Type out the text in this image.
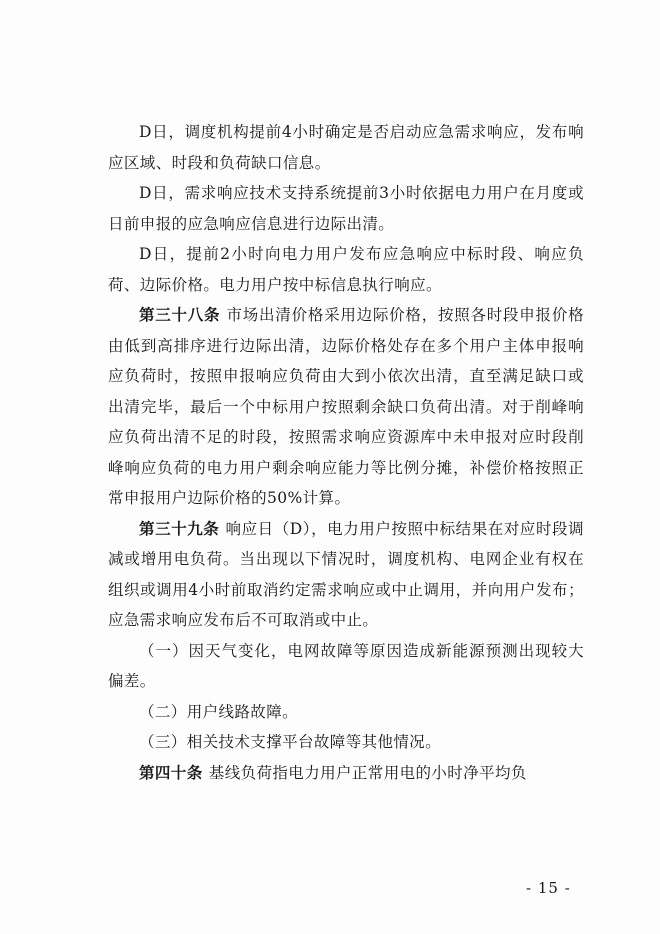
D日，调度机构提前4小时确定是否启动应急需求响应，发布响应区域、时段和负荷缺口信息。

D日，需求响应技术支持系统提前3小时依据电力用户在月度或日前申报的应急响应信息进行边际出清。

D日，提前2小时向电力用户发布应急响应中标时段、响应负荷、边际价格。电力用户按中标信息执行响应。

第三十八条 市场出清价格采用边际价格，按照各时段申报价格由低到高排序进行边际出清，边际价格处存在多个用户主体申报响应负荷时，按照申报响应负荷由大到小依次出清，直至满足缺口或出清完毕，最后一个中标用户按照剩余缺口负荷出清。对于削峰响应负荷出清不足的时段，按照需求响应资源库中未申报对应时段削峰响应负荷的电力用户剩余响应能力等比例分摊，补偿价格按照正常申报用户边际价格的50%计算。

第三十九条 响应日（D），电力用户按照中标结果在对应时段调减或增用电负荷。当出现以下情况时，调度机构、电网企业有权在组织或调用4小时前取消约定需求响应或中止调用，并向用户发布；应急需求响应发布后不可取消或中止。

（一）因天气变化，电网故障等原因造成新能源预测出现较大偏差。

（二）用户线路故障。

（三）相关技术支撑平台故障等其他情况。

第四十条 基线负荷指电力用户正常用电的小时净平均负

- 15 -
